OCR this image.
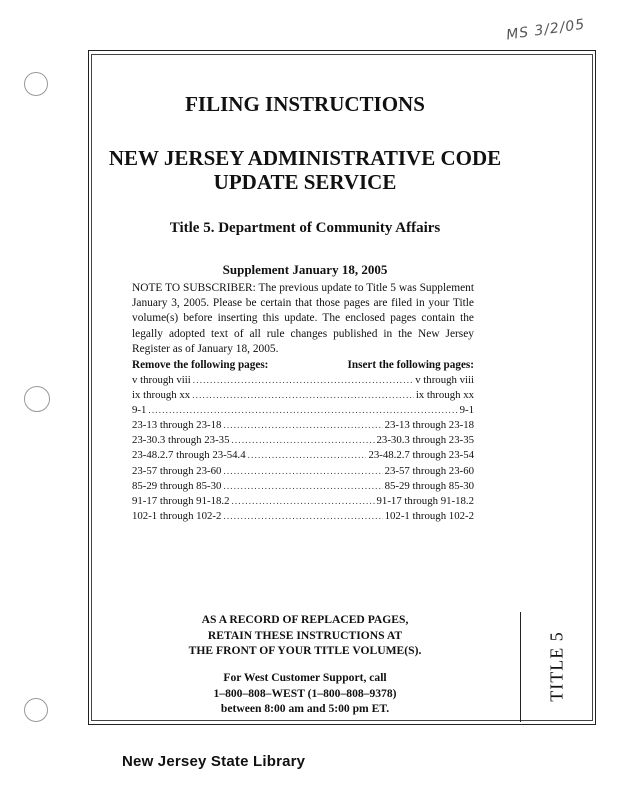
MS 3/2/05
TITLE 5
FILING INSTRUCTIONS
NEW JERSEY ADMINISTRATIVE CODE
UPDATE SERVICE
Title 5. Department of Community Affairs
Supplement January 18, 2005
NOTE TO SUBSCRIBER: The previous update to Title 5 was Supplement January 3, 2005. Please be certain that those pages are filed in your Title volume(s) before inserting this update. The enclosed pages contain the legally adopted text of all rule changes published in the New Jersey Register as of January 18, 2005.
Remove the following pages:	Insert the following pages:
v through viii .....	v through viii
ix through xx .....	ix through xx
9-1 .....	9-1
23-13 through 23-18 .....	23-13 through 23-18
23-30.3 through 23-35 .....	23-30.3 through 23-35
23-48.2.7 through 23-54.4 .....	23-48.2.7 through 23-54
23-57 through 23-60 .....	23-57 through 23-60
85-29 through 85-30 .....	85-29 through 85-30
91-17 through 91-18.2 .....	91-17 through 91-18.2
102-1 through 102-2 .....	102-1 through 102-2
AS A RECORD OF REPLACED PAGES,
RETAIN THESE INSTRUCTIONS AT
THE FRONT OF YOUR TITLE VOLUME(S).
For West Customer Support, call
1–800–808–WEST (1–800–808–9378)
between 8:00 am and 5:00 pm ET.
New Jersey State Library
